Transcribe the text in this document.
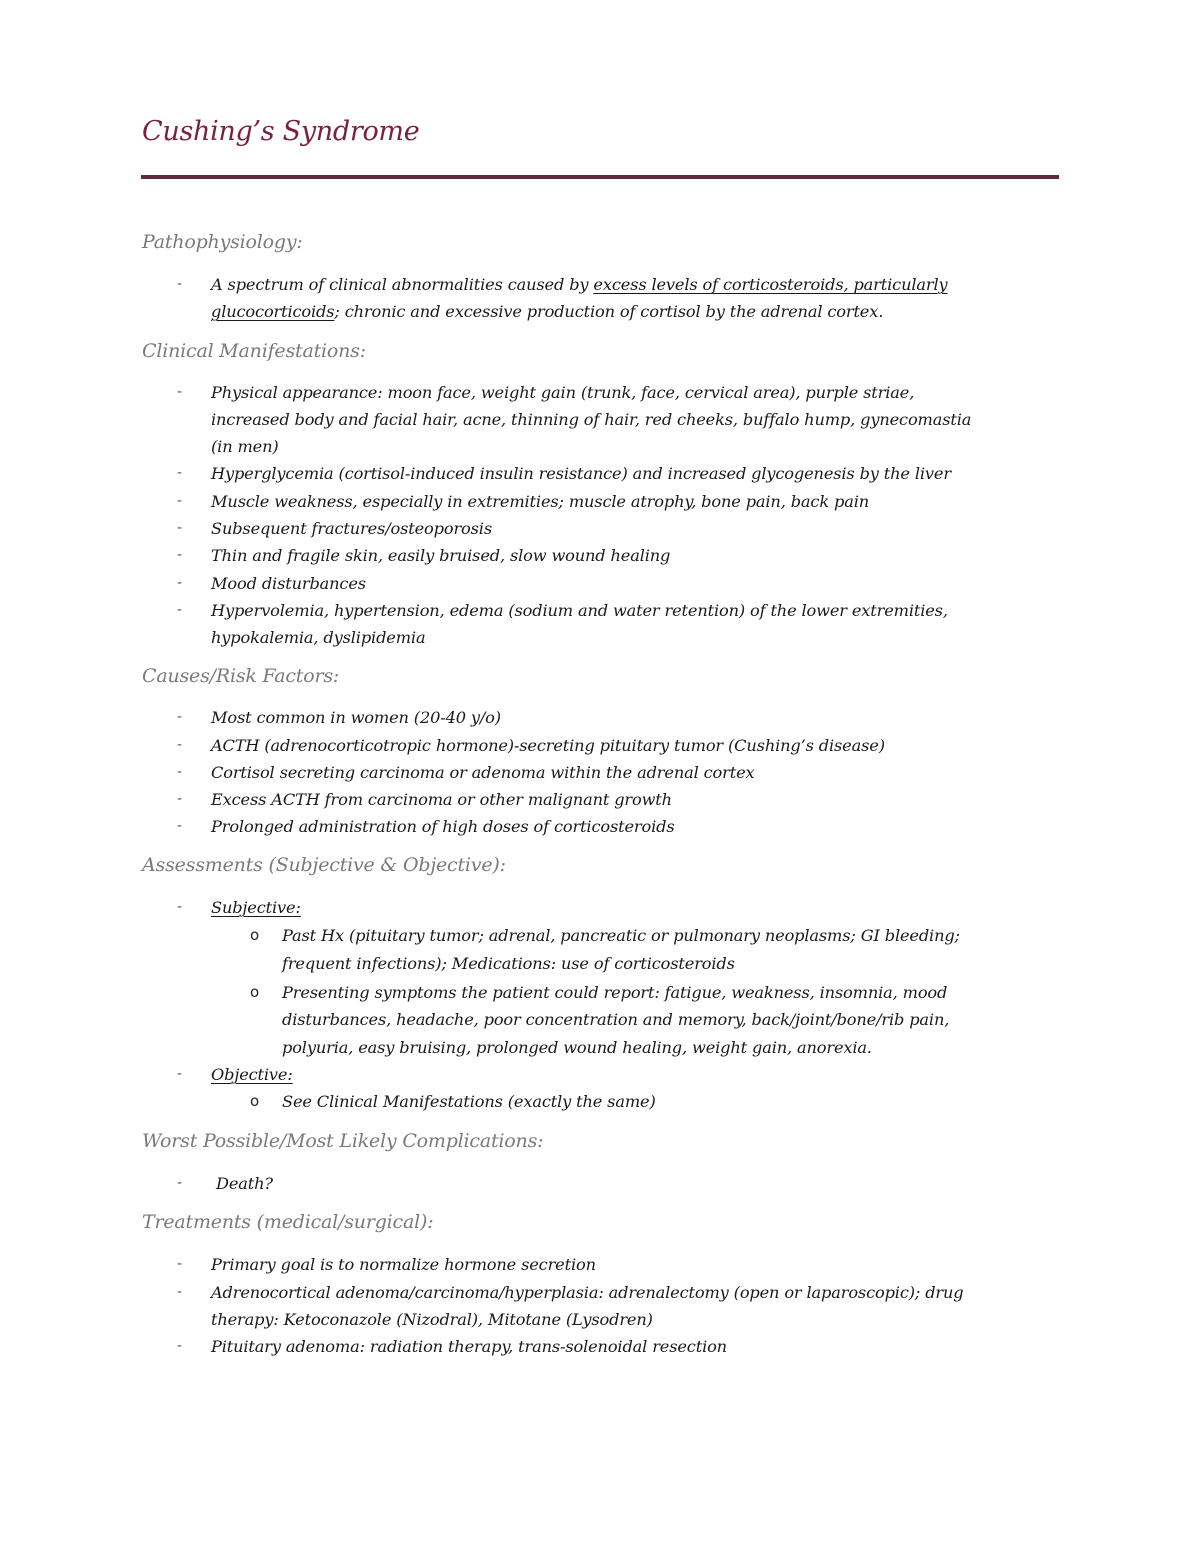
Cushing’s Syndrome
Pathophysiology:
- A spectrum of clinical abnormalities caused by excess levels of corticosteroids, particularly
glucocorticoids; chronic and excessive production of cortisol by the adrenal cortex.
Clinical Manifestations:
- Physical appearance: moon face, weight gain (trunk, face, cervical area), purple striae,
increased body and facial hair, acne, thinning of hair, red cheeks, buffalo hump, gynecomastia
(in men)
- Hyperglycemia (cortisol-induced insulin resistance) and increased glycogenesis by the liver
- Muscle weakness, especially in extremities; muscle atrophy, bone pain, back pain
- Subsequent fractures/osteoporosis
- Thin and fragile skin, easily bruised, slow wound healing
- Mood disturbances
- Hypervolemia, hypertension, edema (sodium and water retention) of the lower extremities,
hypokalemia, dyslipidemia
Causes/Risk Factors:
- Most common in women (20-40 y/o)
- ACTH (adrenocorticotropic hormone)-secreting pituitary tumor (Cushing’s disease)
- Cortisol secreting carcinoma or adenoma within the adrenal cortex
- Excess ACTH from carcinoma or other malignant growth
- Prolonged administration of high doses of corticosteroids
Assessments (Subjective & Objective):
- Subjective:
o Past Hx (pituitary tumor; adrenal, pancreatic or pulmonary neoplasms; GI bleeding;
frequent infections); Medications: use of corticosteroids
o Presenting symptoms the patient could report: fatigue, weakness, insomnia, mood
disturbances, headache, poor concentration and memory, back/joint/bone/rib pain,
polyuria, easy bruising, prolonged wound healing, weight gain, anorexia.
- Objective:
o See Clinical Manifestations (exactly the same)
Worst Possible/Most Likely Complications:
- Death?
Treatments (medical/surgical):
- Primary goal is to normalize hormone secretion
- Adrenocortical adenoma/carcinoma/hyperplasia: adrenalectomy (open or laparoscopic); drug
therapy: Ketoconazole (Nizodral), Mitotane (Lysodren)
- Pituitary adenoma: radiation therapy, trans-solenoidal resection
